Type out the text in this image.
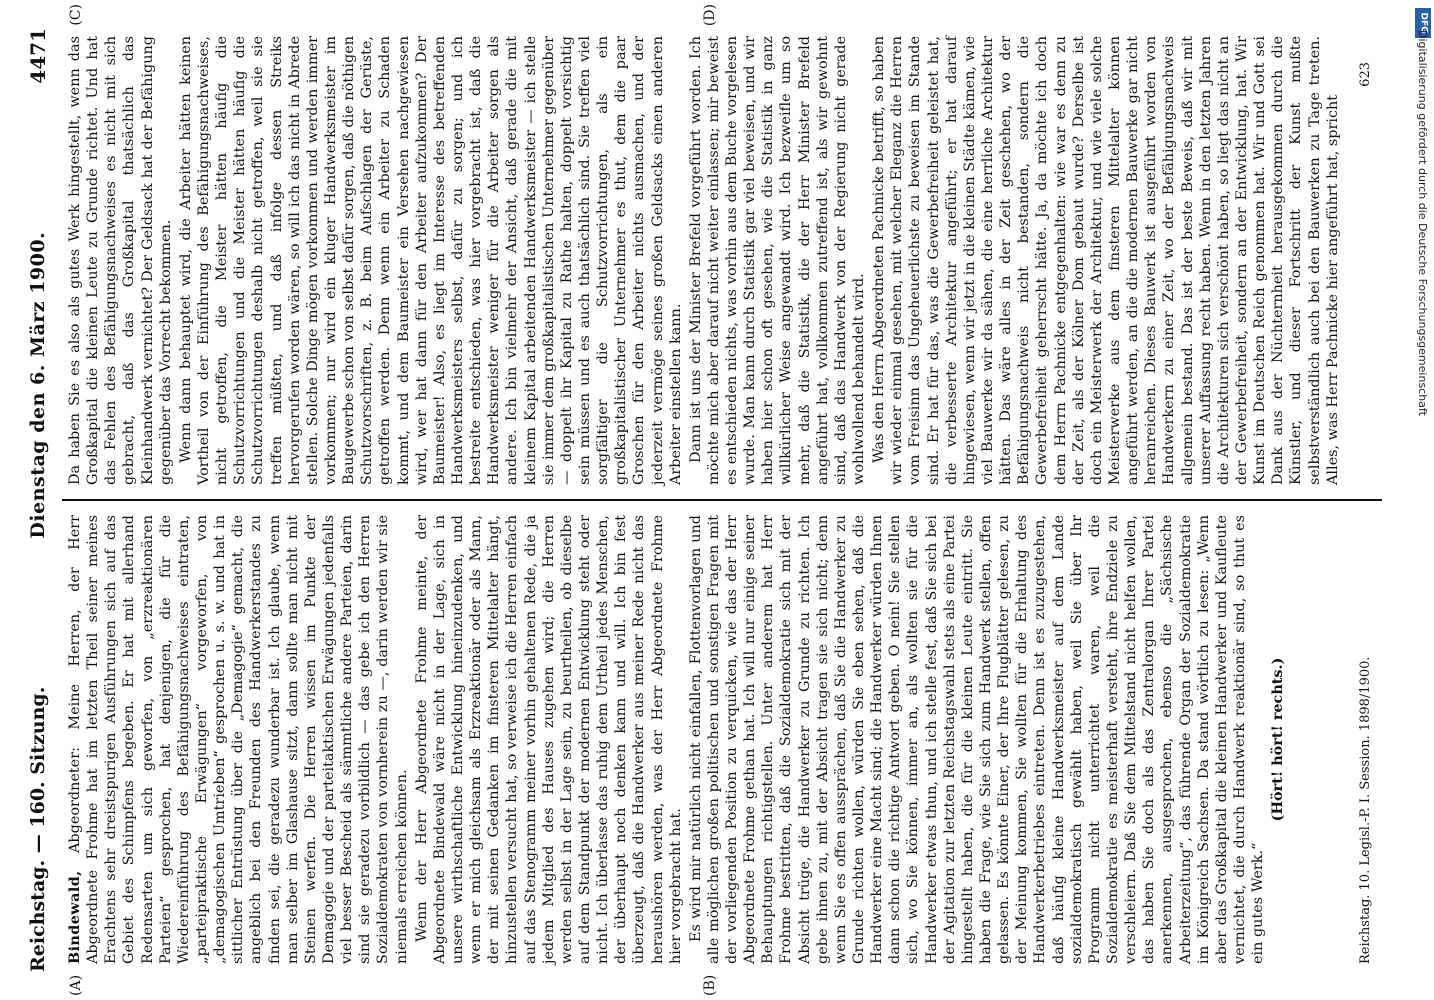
Reichstag. — 160. Sitzung.
Dienstag den 6. März 1900.
4471
(A)	(B)

Bindewald, Abgeordneter: Meine Herren, der Herr Abgeordnete Frohme hat im letzten Theil seiner meines Erachtens sehr dreistspurigen Ausführungen sich auf das Gebiet des Schimpfens begeben. Er hat mit allerhand Redensarten um sich geworfen, von „erzreaktionären Parteien“ gesprochen, hat denjenigen, die für die Wiedereinführung des Befähigungsnachweises eintraten, „parteipraktische Erwägungen“ vorgeworfen, von „demagogischen Umtrieben“ gesprochen u. s. w. und hat in sittlicher Entrüstung über die „Demagogie“ gemacht, die angeblich bei den Freunden des Handwerkerstandes zu finden sei, die geradezu wunderbar ist. Ich glaube, wenn man selber im Glashause sitzt, dann sollte man nicht mit Steinen werfen. Die Herren wissen im Punkte der Demagogie und der parteitaktischen Erwägungen jedenfalls viel besser Bescheid als sämmtliche andere Parteien, darin sind sie geradezu vorbildlich — das gebe ich den Herren Sozialdemokraten von vornherein zu —, darin werden wir sie niemals erreichen können. Wenn der Herr Abgeordnete Frohme meinte, der Abgeordnete Bindewald wäre nicht in der Lage, sich in unsere wirthschaftliche Entwicklung hineinzudenken, und wenn er mich gleichsam als Erzreaktionär oder als Mann, der mit seinen Gedanken im finsteren Mittelalter hängt, hinzustellen versucht hat, so verweise ich die Herren einfach auf das Stenogramm meiner vorhin gehaltenen Rede, die ja jedem Mitglied des Hauses zugehen wird; die Herren werden selbst in der Lage sein, zu beurtheilen, ob dieselbe auf dem Standpunkt der modernen Entwicklung steht oder nicht. Ich überlasse das ruhig dem Urtheil jedes Menschen, der überhaupt noch denken kann und will. Ich bin fest überzeugt, daß die Handwerker aus meiner Rede nicht das heraushören werden, was der Herr Abgeordnete Frohme hier vorgebracht hat. Es wird mir natürlich nicht einfallen, Flottenvorlagen und alle möglichen großen politischen und sonstigen Fragen mit der vorliegenden Position zu verquicken, wie das der Herr Abgeordnete Frohme gethan hat. Ich will nur einige seiner Behauptungen richtigstellen. Unter anderem hat Herr Frohme bestritten, daß die Sozialdemokratie sich mit der Absicht trüge, die Handwerker zu Grunde zu richten. Ich gebe ihnen zu, mit der Absicht tragen sie sich nicht; denn wenn Sie es offen aussprächen, daß Sie die Handwerker zu Grunde richten wollen, würden Sie eben sehen, daß die Handwerker eine Macht sind; die Handwerker würden Ihnen dann schon die richtige Antwort geben. O nein! Sie stellen sich, wo Sie können, immer an, als wollten sie für die Handwerker etwas thun, und ich stelle fest, daß Sie sich bei der Agitation zur letzten Reichstagswahl stets als eine Partei hingestellt haben, die für die kleinen Leute eintritt. Sie haben die Frage, wie Sie sich zum Handwerk stellen, offen gelassen. Es könnte Einer, der Ihre Flugblätter gelesen, zu der Meinung kommen, Sie wollten für die Erhaltung des Handwerkerbetriebes eintreten. Denn ist es zuzugestehen, daß häufig kleine Handwerksmeister auf dem Lande sozialdemokratisch gewählt haben, weil Sie über Ihr Programm nicht unterrichtet waren, weil die Sozialdemokratie es meisterhaft versteht, ihre Endziele zu verschleiern. Daß Sie dem Mittelstand nicht helfen wollen, das haben Sie doch als das Zentralorgan Ihrer Partei anerkennen, ausgesprochen, ebenso die „Sächsische Arbeiterzeitung“, das führende Organ der Sozialdemokratie im Königreich Sachsen. Da stand wörtlich zu lesen: „Wenn aber das Großkapital die kleinen Handwerker und Kaufleute vernichtet, die durch Handwerk reaktionär sind, so thut es ein gutes Werk.“

(Hört! hört! rechts.)	Reichstag. 10. Legisl.-P. I. Session. 1898/1900.
(C)	(D)

Da haben Sie es also als gutes Werk hingestellt, wenn das Großkapital die kleinen Leute zu Grunde richtet. Und hat das Fehlen des Befähigungsnachweises es nicht mit sich gebracht, daß das Großkapital thatsächlich das Kleinhandwerk vernichtet? Der Geldsack hat der Befähigung gegenüber das Vorrecht bekommen. Wenn dann behauptet wird, die Arbeiter hätten keinen Vortheil von der Einführung des Befähigungsnachweises, nicht getroffen, die Meister hätten häufig die Schutzvorrichtungen und die Meister hätten häufig die Schutzvorrichtungen deshalb nicht getroffen, weil sie sie treffen müßten, und daß infolge dessen Streiks hervorgerufen worden wären, so will ich das nicht in Abrede stellen. Solche Dinge mögen vorkommen und werden immer vorkommen; nur wird ein kluger Handwerksmeister im Baugewerbe schon von selbst dafür sorgen, daß die nöthigen Schutzvorschriften, z. B. beim Aufschlagen der Gerüste, getroffen werden. Denn wenn ein Arbeiter zu Schaden kommt, und dem Baumeister ein Versehen nachgewiesen wird, wer hat dann für den Arbeiter aufzukommen? Der Baumeister! Also, es liegt im Interesse des betreffenden Handwerksmeisters selbst, dafür zu sorgen; und ich bestreite entschieden, was hier vorgebracht ist, daß die Handwerksmeister weniger für die Arbeiter sorgen als andere. Ich bin vielmehr der Ansicht, daß gerade die mit kleinem Kapital arbeitenden Handwerksmeister — ich stelle sie immer dem großkapitalistischen Unternehmer gegenüber — doppelt ihr Kapital zu Rathe halten, doppelt vorsichtig sein müssen und es auch thatsächlich sind. Sie treffen viel sorgfältiger die Schutzvorrichtungen, als ein großkapitalistischer Unternehmer es thut, dem die paar Groschen für den Arbeiter nichts ausmachen, und der jederzeit vermöge seines großen Geldsacks einen anderen Arbeiter einstellen kann. Dann ist uns der Minister Brefeld vorgeführt worden. Ich möchte mich aber darauf nicht weiter einlassen; mir beweist es entschieden nichts, was vorhin aus dem Buche vorgelesen wurde. Man kann durch Statistik gar viel beweisen, und wir haben hier schon oft gesehen, wie die Statistik in ganz willkürlicher Weise angewandt wird. Ich bezweifle um so mehr, daß die Statistik, die der Herr Minister Brefeld angeführt hat, vollkommen zutreffend ist, als wir gewohnt sind, daß das Handwerk von der Regierung nicht gerade wohlwollend behandelt wird. Was den Herrn Abgeordneten Pachnicke betrifft, so haben wir wieder einmal gesehen, mit welcher Eleganz die Herren vom Freisinn das Ungeheuerlichste zu beweisen im Stande sind. Er hat für das, was die Gewerbefreiheit geleistet hat, die verbesserte Architektur angeführt; er hat darauf hingewiesen, wenn wir jetzt in die kleinen Städte kämen, wie viel Bauwerke wir da sähen, die eine herrliche Architektur hätten. Das wäre alles in der Zeit geschehen, wo der Befähigungsnachweis nicht bestanden, sondern die Gewerbefreiheit geherrscht hätte. Ja, da möchte ich doch dem Herrn Pachnicke entgegenhalten: wie war es denn zu der Zeit, als der Kölner Dom gebaut wurde? Derselbe ist doch ein Meisterwerk der Architektur, und wie viele solche Meisterwerke aus dem finsteren Mittelalter können angeführt werden, an die die modernen Bauwerke gar nicht heranreichen. Dieses Bauwerk ist ausgeführt worden von Handwerkern zu einer Zeit, wo der Befähigungsnachweis allgemein bestand. Das ist der beste Beweis, daß wir mit unserer Auffassung recht haben. Wenn in den letzten Jahren die Architekturen sich verschönt haben, so liegt das nicht an der Gewerbefreiheit, sondern an der Entwicklung, hat. Wir Kunst im Deutschen Reich genommen hat. Wir und Gott sei Dank aus der Nüchternheit herausgekommen durch die Künstler, und dieser Fortschritt der Kunst mußte selbstverständlich auch bei den Bauwerken zu Tage treten. Alles, was Herr Pachnicke hier angeführt hat, spricht

623
DFG
Digitalisierung gefördert durch die Deutsche Forschungsgemeinschaft
